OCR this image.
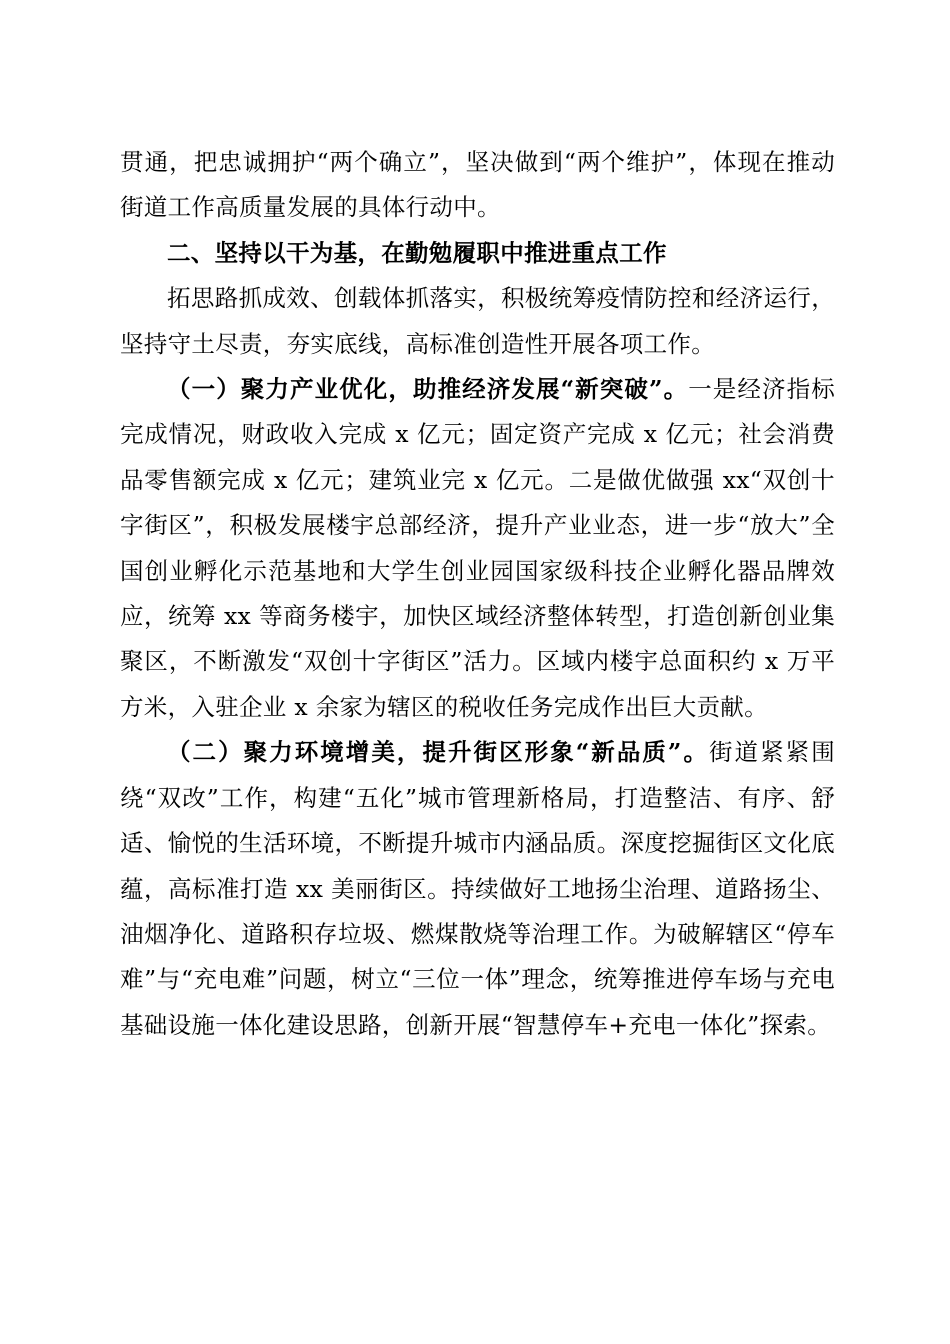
贯通，把忠诚拥护“两个确立”，坚决做到“两个维护”，体现在推动街道工作高质量发展的具体行动中。

二、坚持以干为基，在勤勉履职中推进重点工作

拓思路抓成效、创载体抓落实，积极统筹疫情防控和经济运行，坚持守土尽责，夯实底线，高标准创造性开展各项工作。

（一）聚力产业优化，助推经济发展“新突破”。一是经济指标完成情况，财政收入完成 x 亿元；固定资产完成 x 亿元；社会消费品零售额完成 x 亿元；建筑业完 x 亿元。二是做优做强 xx“双创十字街区”，积极发展楼宇总部经济，提升产业业态，进一步“放大”全国创业孵化示范基地和大学生创业园国家级科技企业孵化器品牌效应，统筹 xx 等商务楼宇，加快区域经济整体转型，打造创新创业集聚区，不断激发“双创十字街区”活力。区域内楼宇总面积约 x 万平方米，入驻企业 x 余家为辖区的税收任务完成作出巨大贡献。

（二）聚力环境增美，提升街区形象“新品质”。街道紧紧围绕“双改”工作，构建“五化”城市管理新格局，打造整洁、有序、舒适、愉悦的生活环境，不断提升城市内涵品质。深度挖掘街区文化底蕴，高标准打造 xx 美丽街区。持续做好工地扬尘治理、道路扬尘、油烟净化、道路积存垃圾、燃煤散烧等治理工作。为破解辖区“停车难”与“充电难”问题，树立“三位一体”理念，统筹推进停车场与充电基础设施一体化建设思路，创新开展“智慧停车+充电一体化”探索。
